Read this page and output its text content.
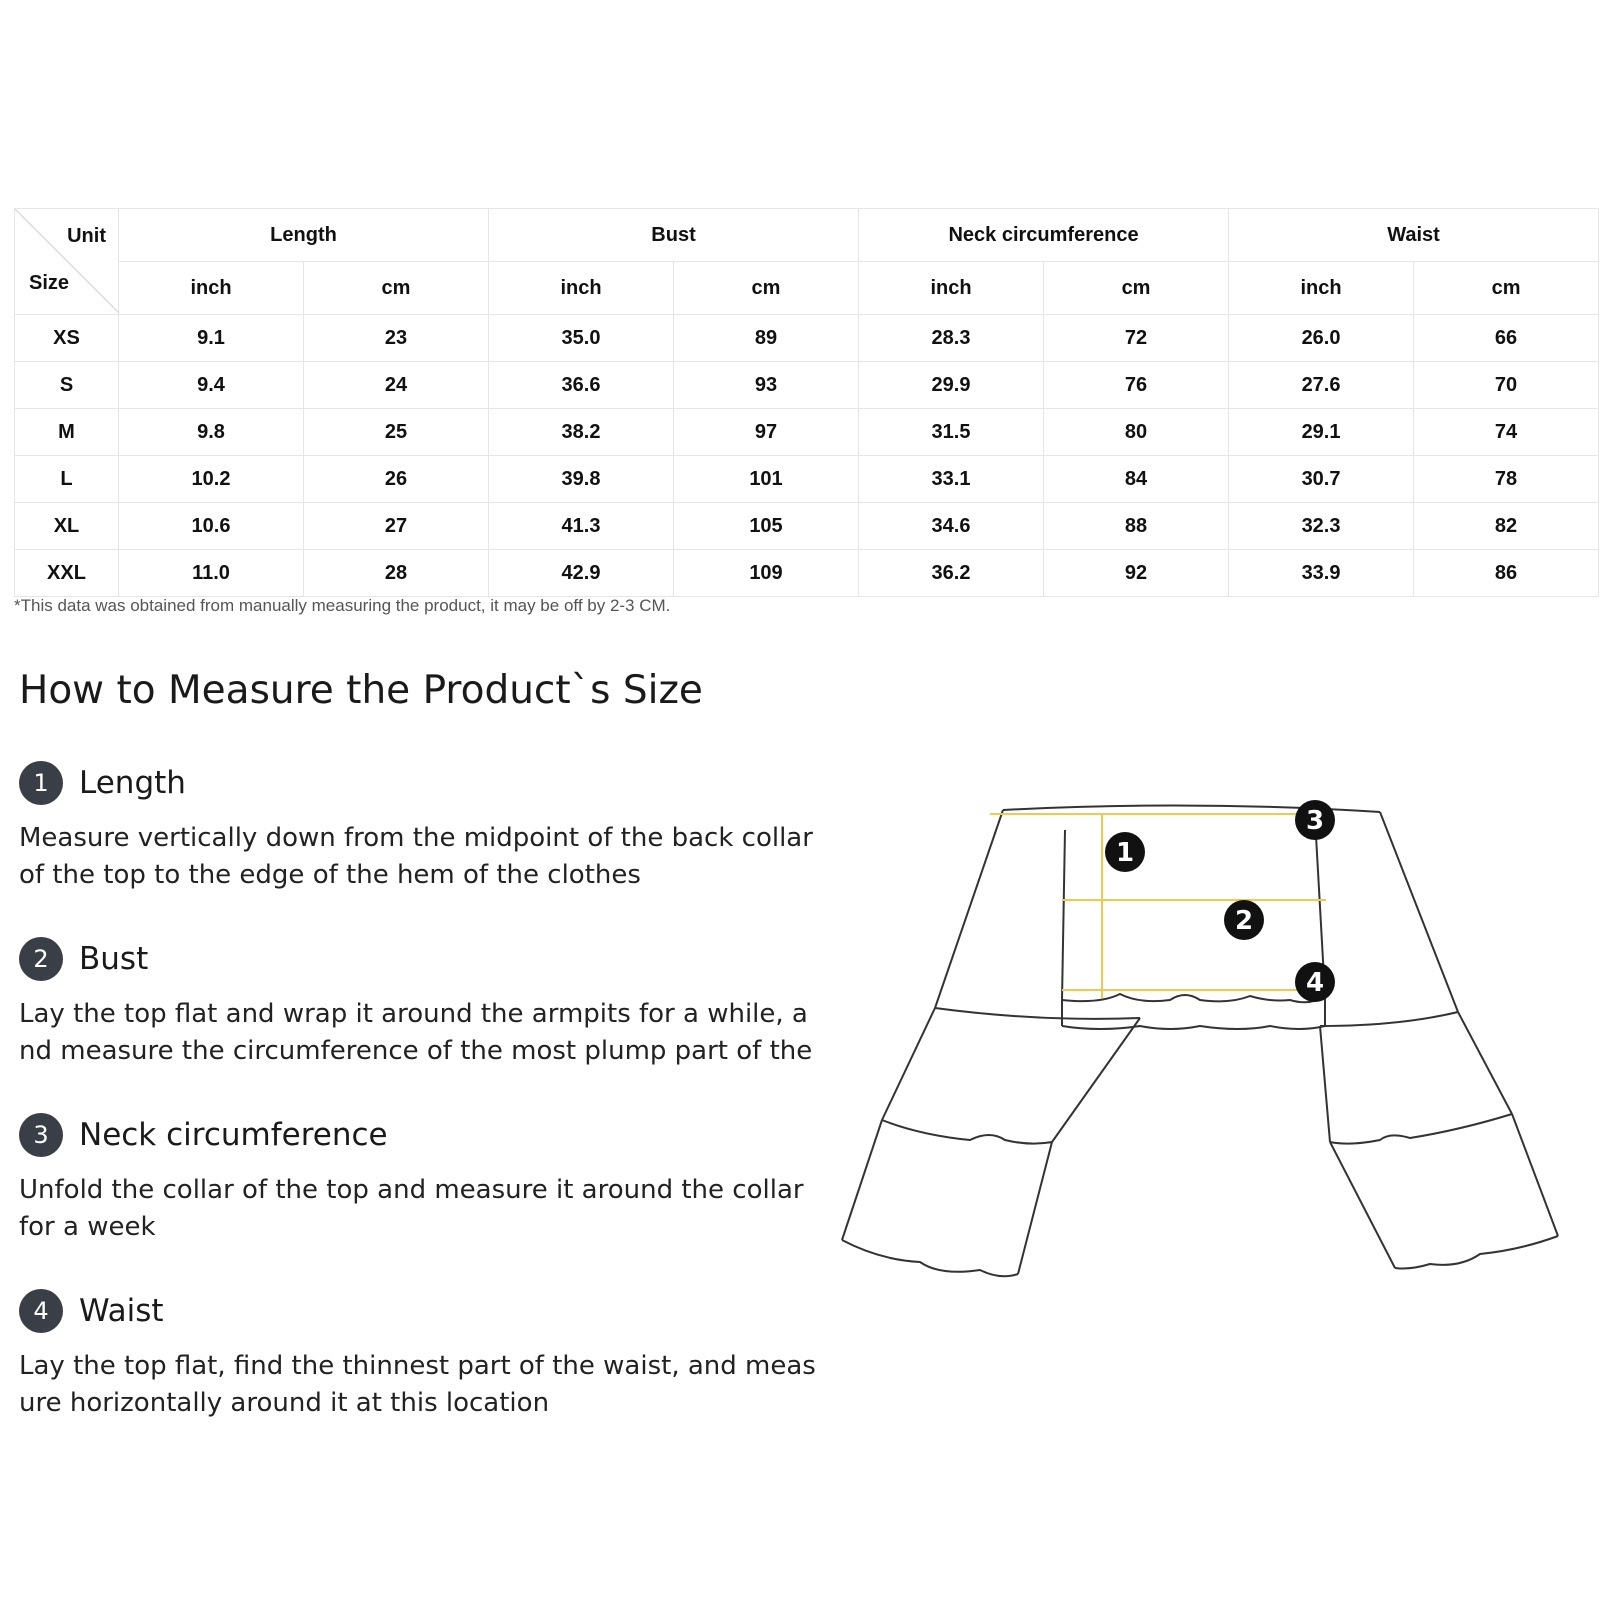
Unit
Size	Length		Bust		Neck circumference		Waist	
	inch	cm	inch	cm	inch	cm	inch	cm
XS	9.1	23	35.0	89	28.3	72	26.0	66
S	9.4	24	36.6	93	29.9	76	27.6	70
M	9.8	25	38.2	97	31.5	80	29.1	74
L	10.2	26	39.8	101	33.1	84	30.7	78
XL	10.6	27	41.3	105	34.6	88	32.3	82
XXL	11.0	28	42.9	109	36.2	92	33.9	86
*This data was obtained from manually measuring the product, it may be off by 2-3 CM.
How to Measure the Product`s Size
1 Length
Measure vertically down from the midpoint of the back collar of the top to the edge of the hem of the clothes
2 Bust
Lay the top flat and wrap it around the armpits for a while, and measure the circumference of the most plump part of the
3 Neck circumference
Unfold the collar of the top and measure it around the collar for a week
4 Waist
Lay the top flat, find the thinnest part of the waist, and measure horizontally around it at this location
1
2
3
4
